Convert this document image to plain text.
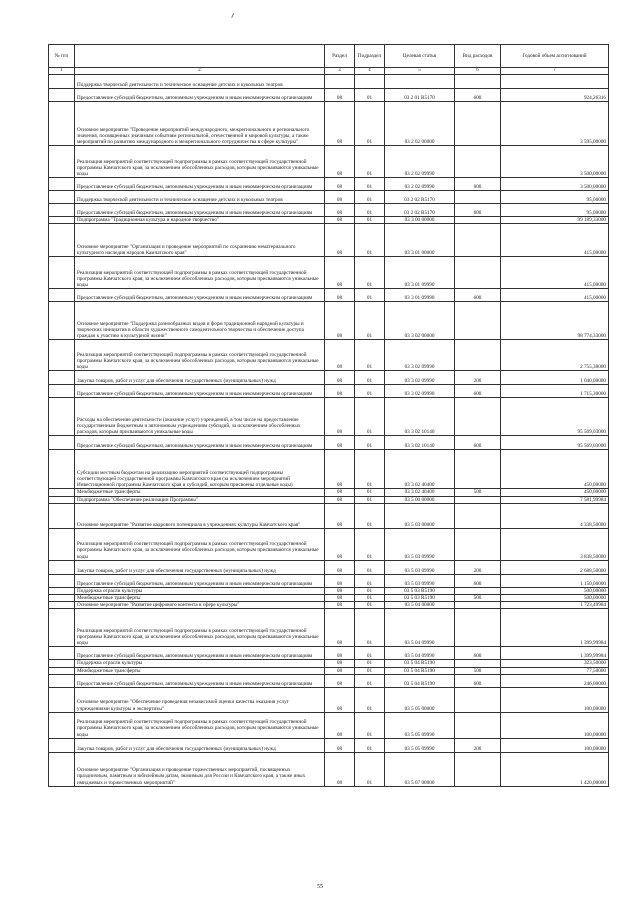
№ п/п		Раздел	Подраздел	Целевая статья	Вид расходов	Годовой объем ассигнований
1	2	3	4	5	6	7
	Поддержка творческой деятельности и техническое оснащение детских и кукольных театров					
	Предоставление субсидий бюджетным, автономным учреждениям и иным некоммерческим организациям	08	01	03 2 01 R5170	600	924,26316
	Основное мероприятие "Проведение мероприятий международного, межрегионального и регионального значения, посвященных значимым событиям региональной, отечественной и мировой культуры, а также мероприятий по развитию международного и межрегионального сотрудничества в сфере культуры"	08	01	03 2 02 00000		3 595,00000
	Реализация мероприятий соответствующей подпрограммы в рамках соответствующей государственной программы Камчатского края, за исключением обособленных расходов, которым присваиваются уникальные коды	08	01	03 2 02 09990		3 500,00000
	Предоставление субсидий бюджетным, автономным учреждениям и иным некоммерческим организациям	08	01	03 2 02 09990	600	3 500,00000
	Поддержка творческой деятельности и техническое оснащение детских и кукольных театров	08	01	03 2 02 R5170		95,00000
	Предоставление субсидий бюджетным, автономным учреждениям и иным некоммерческим организациям	08	01	03 2 02 R5170	600	95,00000
	Подпрограмма "Традиционная культура и народное творчество"	08	01	03 3 00 00000		99 189,33000
	Основное мероприятие "Организация и проведение мероприятий по сохранению нематериального культурного наследия народов Камчатского края"	08	01	03 3 01 00000		415,00000
	Реализация мероприятий соответствующей подпрограммы в рамках соответствующей государственной программы Камчатского края, за исключением обособленных расходов, которым присваиваются уникальные коды	08	01	03 3 01 09990		415,00000
	Предоставление субсидий бюджетным, автономным учреждениям и иным некоммерческим организациям	08	01	03 3 01 09990	600	415,00000
	Основное мероприятие "Поддержка разнообразных видов и форм традиционной народной культуры и творческих инициатив в области художественного самодеятельного творчества и обеспечение доступа граждан к участию в культурной жизни"	08	01	03 3 02 00000		98 774,33000
	Реализация мероприятий соответствующей подпрограммы в рамках соответствующей государственной программы Камчатского края, за исключением обособленных расходов, которым присваиваются уникальные коды	08	01	03 3 02 09990		2 755,30000
	Закупка товаров, работ и услуг для обеспечения государственных (муниципальных) нужд	08	01	03 3 02 09990	200	1 040,00000
	Предоставление субсидий бюджетным, автономным учреждениям и иным некоммерческим организациям	08	01	03 3 02 09990	600	1 715,30000
	Расходы на обеспечение деятельности (оказание услуг) учреждений, в том числе на предоставление государственным бюджетным и автономным учреждениям субсидий, за исключением обособленных расходов, которым присваиваются уникальные коды	08	01	03 3 02 10140		95 569,03000
	Предоставление субсидий бюджетным, автономным учреждениям и иным некоммерческим организациям	08	01	03 3 02 10140	600	95 569,03000
	Субсидии местным бюджетам на реализацию мероприятий соответствующей подпрограммы соответствующей государственной программы Камчатского края (за исключением мероприятий Инвестиционной программы Камчатского края и субсидий, которым присвоены отдельные коды)	08	01	03 3 02 40400		450,00000
	Межбюджетные трансферты	08	01	03 3 02 40400	500	450,00000
	Подпрограмма "Обеспечение реализации Программы"	08	01	03 5 00 00000		7 581,99984
	Основное мероприятие "Развитие кадрового потенциала в учреждениях культуры Камчатского края"	08	01	03 5 03 00000		4 338,50000
	Реализация мероприятий соответствующей подпрограммы в рамках соответствующей государственной программы Камчатского края, за исключением обособленных расходов, которым присваиваются уникальные коды	08	01	03 5 03 09990		3 838,50000
	Закупка товаров, работ и услуг для обеспечения государственных (муниципальных) нужд	08	01	03 5 03 09990	200	2 688,50000
	Предоставление субсидий бюджетным, автономным учреждениям и иным некоммерческим организациям	08	01	03 5 03 09990	600	1 150,00000
	Поддержка отрасли культуры	08	01	03 5 03 R5190		500,00000
	Межбюджетные трансферты	08	01	03 5 03 R5190	500	500,00000
	Основное мероприятие "Развитие цифрового контента в сфере культуры"	08	01	03 5 04 00000		1 723,49984
	Реализация мероприятий соответствующей подпрограммы в рамках соответствующей государственной программы Камчатского края, за исключением обособленных расходов, которым присваиваются уникальные коды	08	01	03 5 04 09990		1 399,99984
	Предоставление субсидий бюджетным, автономным учреждениям и иным некоммерческим организациям	08	01	03 5 04 09990	600	1 399,99984
	Поддержка отрасли культуры	08	01	03 5 04 R5190		323,50000
	Межбюджетные трансферты	08	01	03 5 04 R5190	500	77,50000
	Предоставление субсидий бюджетным, автономным учреждениям и иным некоммерческим организациям	08	01	03 5 04 R5190	600	246,00000
	Основное мероприятие "Обеспечение проведения независимой оценки качества оказания услуг учреждениями культуры и экспертизы"	08	01	03 5 05 00000		100,00000
	Реализация мероприятий соответствующей подпрограммы в рамках соответствующей государственной программы Камчатского края, за исключением обособленных расходов, которым присваиваются уникальные коды	08	01	03 5 05 09990		100,00000
	Закупка товаров, работ и услуг для обеспечения государственных (муниципальных) нужд	08	01	03 5 05 09990	200	100,00000
	Основное мероприятие "Организация и проведение торжественных мероприятий, посвященных праздничным, памятным и юбилейным датам, значимым для России и Камчатского края, а также иных имиджевых и торжественных мероприятий"	08	01	03 5 07 00000		1 420,00000
55
